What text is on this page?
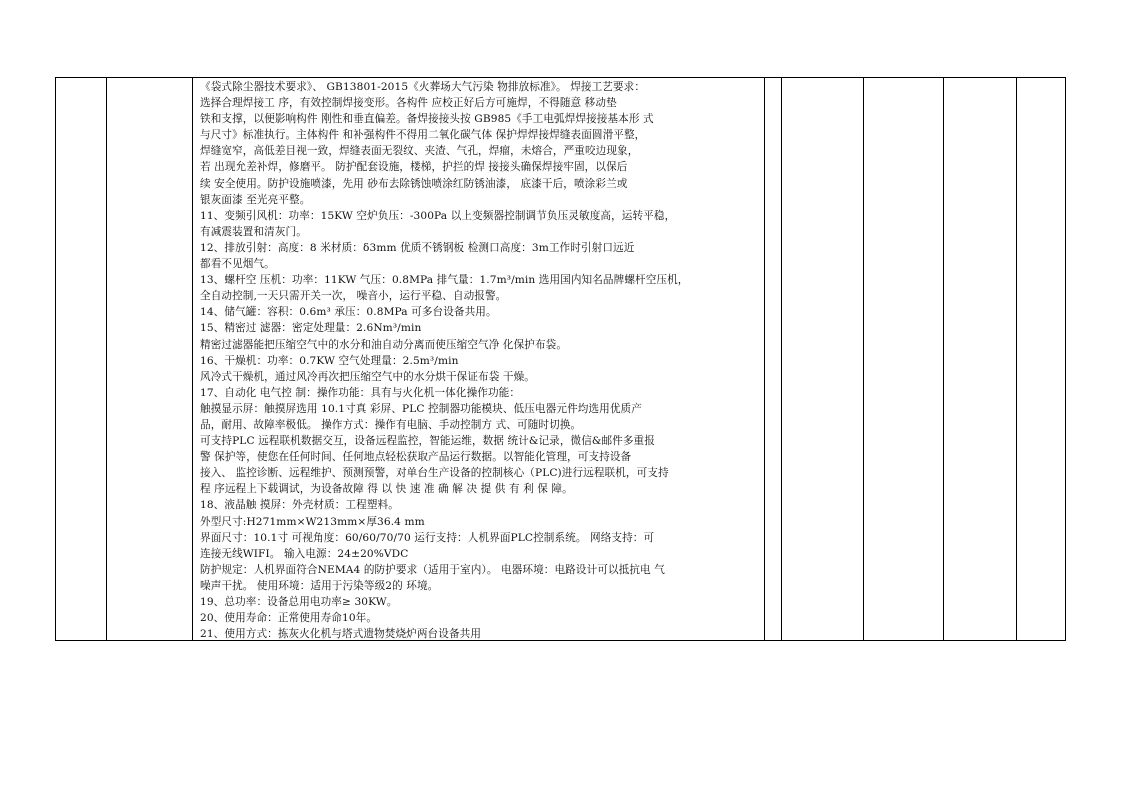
《袋式除尘器技术要求》、 GB13801-2015《火葬场大气污染 物排放标准》。 焊接工艺要求：
选择合理焊接工 序，有效控制焊接变形。各构件 应校正好后方可施焊，不得随意 移动垫
铁和支撑，以便影响构件 刚性和垂直偏差。备焊接接头按 GB985《手工电弧焊焊接接基本形 式
与尺寸》标准执行。主体构件 和补强构件不得用二氧化碳气体 保护焊焊接焊缝表面圆滑平整，
焊缝宽窄，高低差目视一致，焊缝表面无裂纹、夹渣、气孔，焊瘤，未熔合，严重咬边现象，
若 出现允差补焊，修磨平。 防护配套设施，楼梯，护拦的焊 接接头确保焊接牢固，以保后
续 安全使用。防护设施喷漆，先用 砂布去除锈蚀喷涂红防锈油漆， 底漆干后，喷涂彩兰或
银灰面漆 至光亮平整。
11、变频引风机：功率：15KW 空炉负压：-300Pa 以上变频器控制调节负压灵敏度高，运转平稳，
有减震装置和清灰门。
12、排放引射：高度：8 米材质：δ3mm 优质不锈钢板 检测口高度：3m工作时引射口远近
都看不见烟气。
13、螺杆空 压机：功率：11KW 气压：0.8MPa 排气量：1.7m³/min 选用国内知名品牌螺杆空压机，
全自动控制,一天只需开关一次， 噪音小，运行平稳、自动报警。
14、储气罐：容积：0.6m³ 承压：0.8MPa 可多台设备共用。
15、精密过 滤器：密定处理量：2.6Nm³/min
精密过滤器能把压缩空气中的水分和油自动分离而使压缩空气净 化保护布袋。
16、干燥机：功率：0.7KW 空气处理量：2.5m³/min
风冷式干燥机，通过风冷再次把压缩空气中的水分烘干保证布袋 干燥。
17、自动化 电气控 制：操作功能：具有与火化机一体化操作功能：
触摸显示屏：触摸屏选用 10.1寸真 彩屏、PLC 控制器功能模块、低压电器元件均选用优质产
品，耐用、故障率极低。 操作方式：操作有电脑、手动控制方 式、可随时切换。
可支持PLC 远程联机数据交互，设备远程监控，智能运维，数据 统计&记录，微信&邮件多重报
警 保护等，使您在任何时间、任何地点轻松获取产品运行数据。以智能化管理，可支持设备
接入、 监控诊断、远程维护、预测预警，对单台生产设备的控制核心（PLC)进行远程联机，可支持
程 序远程上下载调试，为设备故障 得 以 快 速 准 确 解 决 提 供 有 利 保 障。
18、液晶触 摸屏：外壳材质：工程塑料。
外型尺寸:H271mm×W213mm×厚36.4 mm
界面尺寸：10.1寸 可视角度：60/60/70/70 运行支持：人机界面PLC控制系统。 网络支持：可
连接无线WIFI。 输入电源：24±20%VDC
防护规定：人机界面符合NEMA4 的防护要求（适用于室内）。 电器环境：电路设计可以抵抗电 气
噪声干扰。 使用环境：适用于污染等级2的 环境。
19、总功率：设备总用电功率≥ 30KW。
20、使用寿命：正常使用寿命10年。
21、使用方式：拣灰火化机与塔式遗物焚烧炉两台设备共用
